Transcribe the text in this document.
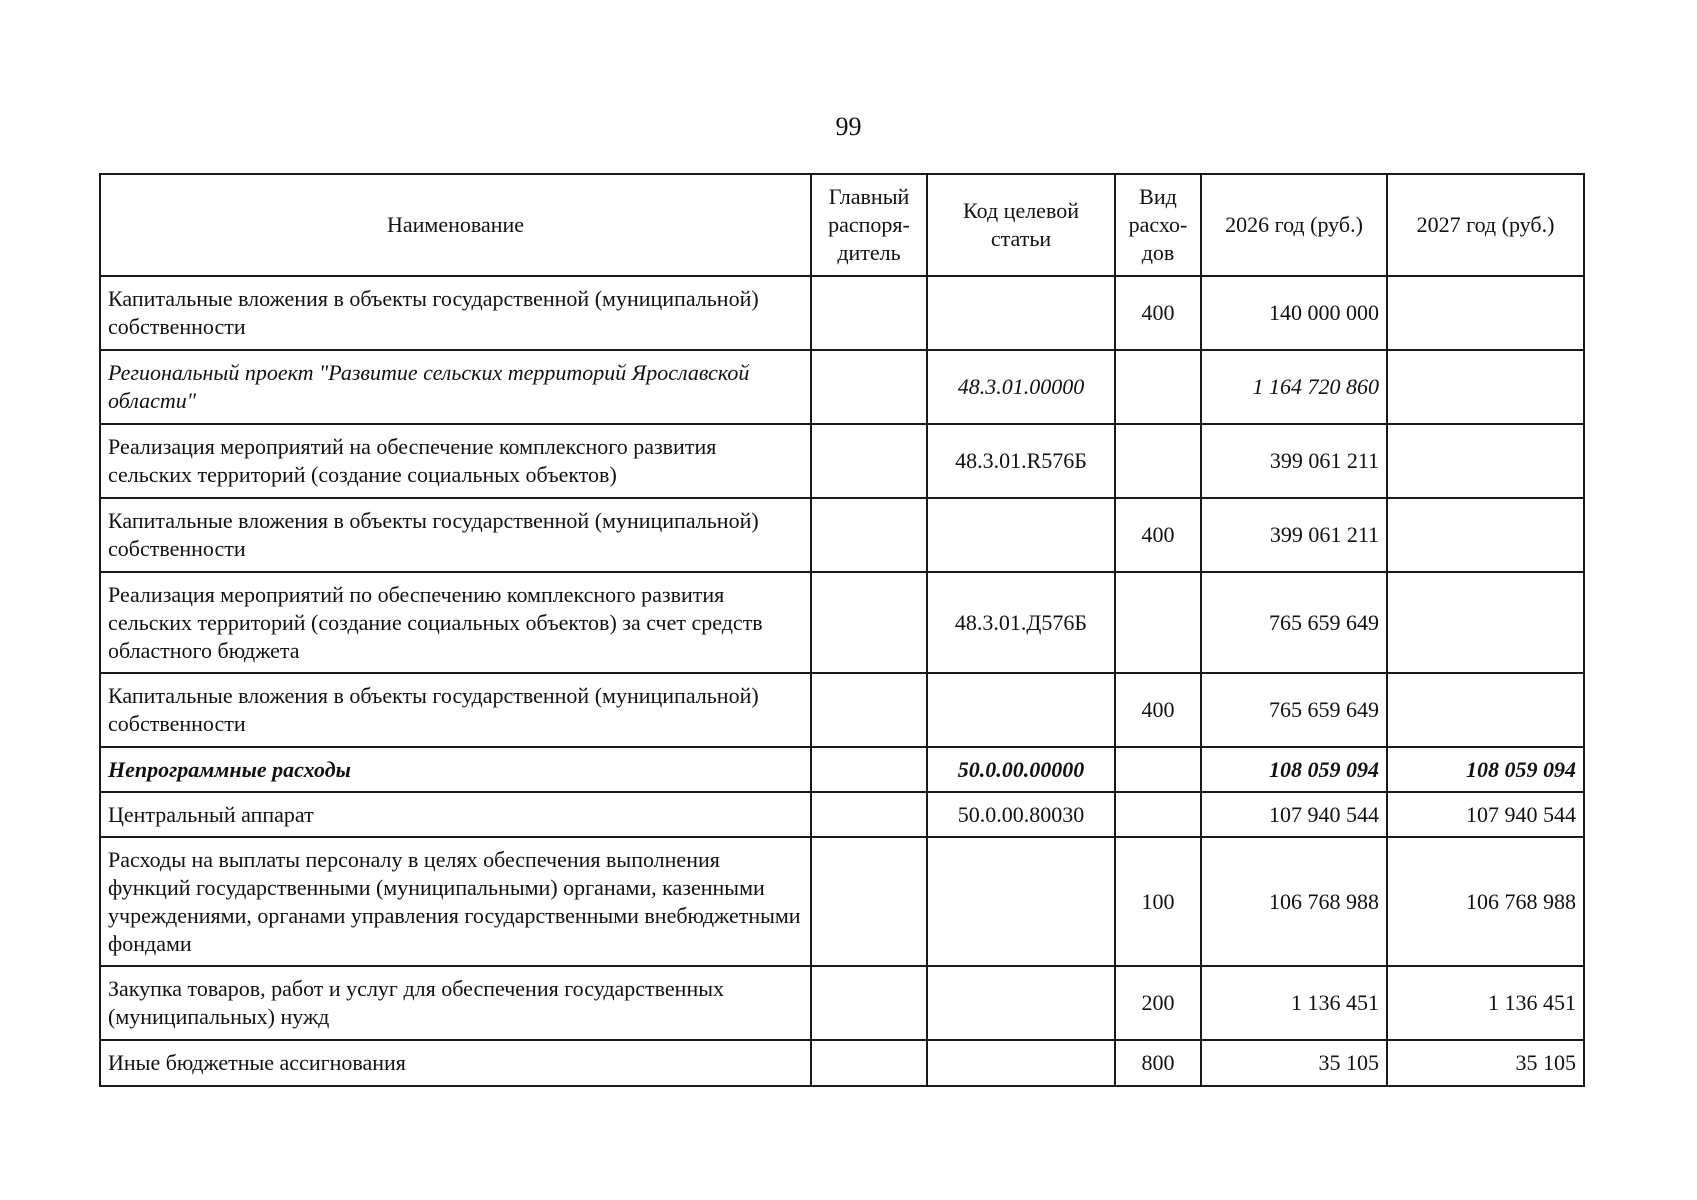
99
Наименование	Главный распоря-дитель	Код целевой статьи	Вид расхо-дов	2026 год (руб.)	2027 год (руб.)
Капитальные вложения в объекты государственной (муниципальной) собственности			400	140 000 000	
Региональный проект "Развитие сельских территорий Ярославской области"		48.3.01.00000		1 164 720 860	
Реализация мероприятий на обеспечение комплексного развития сельских территорий (создание социальных объектов)		48.3.01.R576Б		399 061 211	
Капитальные вложения в объекты государственной (муниципальной) собственности			400	399 061 211	
Реализация мероприятий по обеспечению комплексного развития сельских территорий (создание социальных объектов) за счет средств областного бюджета		48.3.01.Д576Б		765 659 649	
Капитальные вложения в объекты государственной (муниципальной) собственности			400	765 659 649	
Непрограммные расходы		50.0.00.00000		108 059 094	108 059 094
Центральный аппарат		50.0.00.80030		107 940 544	107 940 544
Расходы на выплаты персоналу в целях обеспечения выполнения функций государственными (муниципальными) органами, казенными учреждениями, органами управления государственными внебюджетными фондами			100	106 768 988	106 768 988
Закупка товаров, работ и услуг для обеспечения государственных (муниципальных) нужд			200	1 136 451	1 136 451
Иные бюджетные ассигнования			800	35 105	35 105
